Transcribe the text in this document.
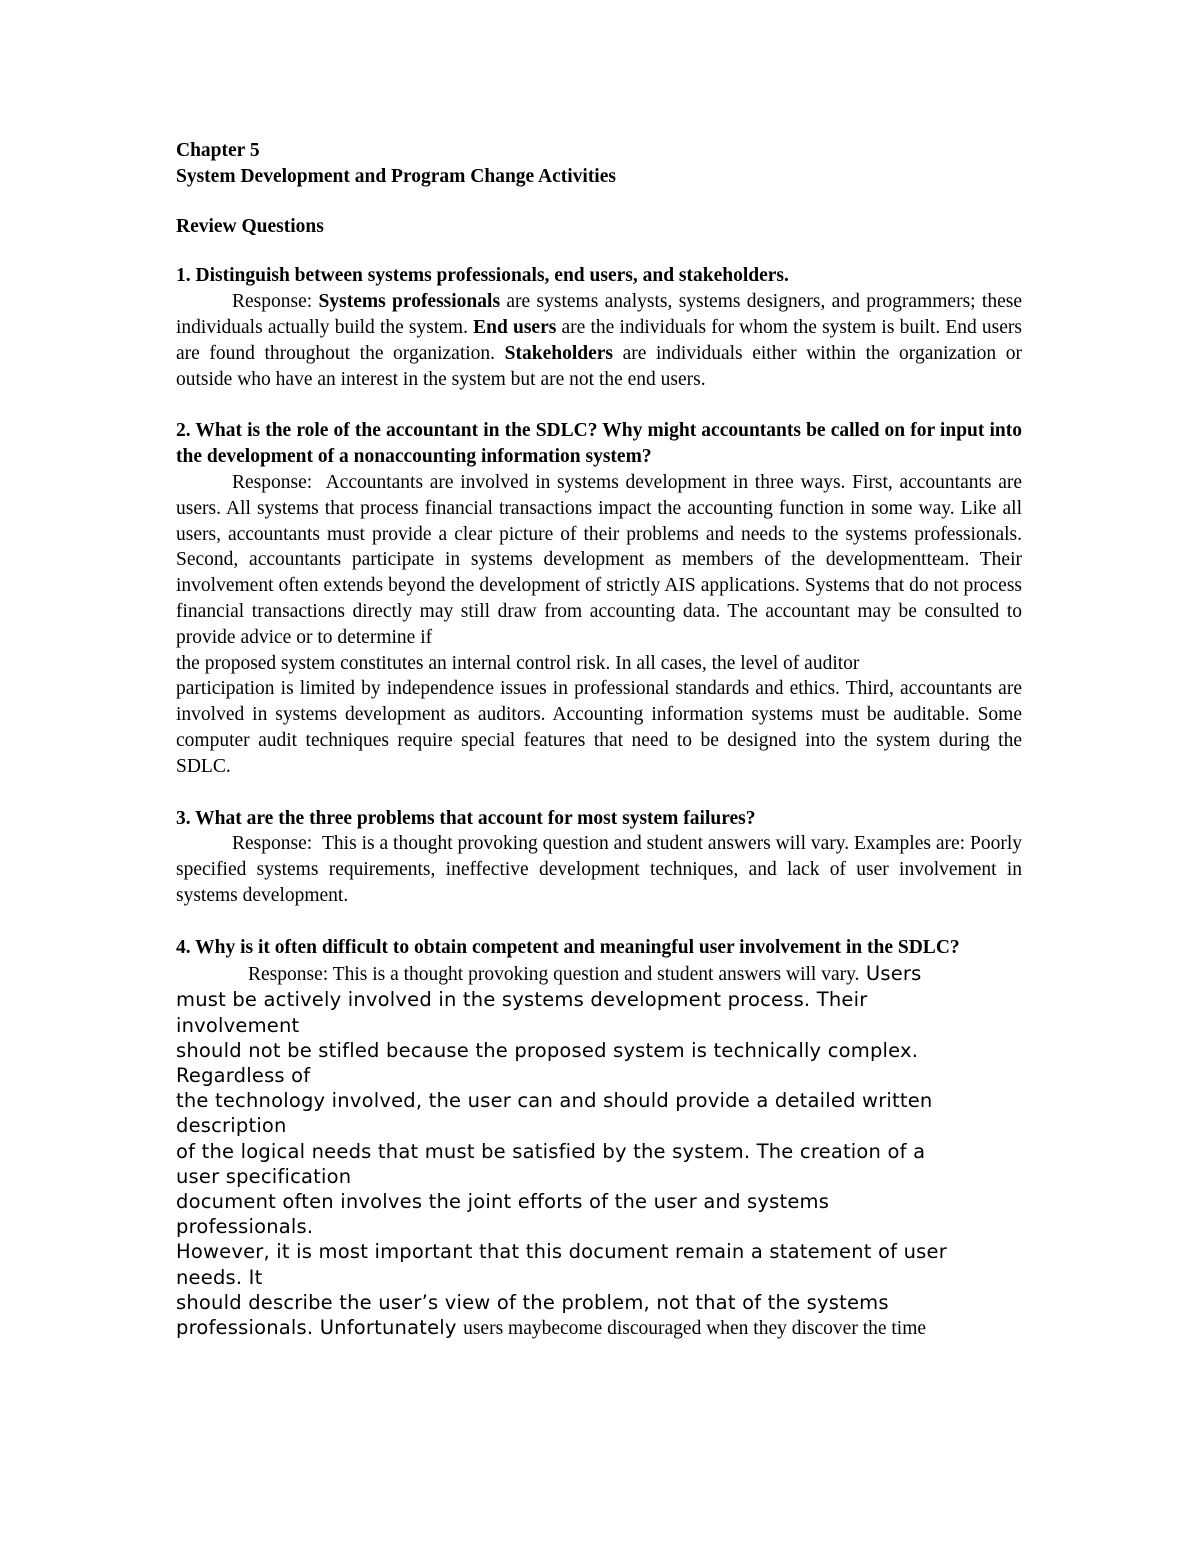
Chapter 5

System Development and Program Change Activities

Review Questions

1. Distinguish between systems professionals, end users, and stakeholders.

Response: Systems professionals are systems analysts, systems designers, and programmers; these individuals actually build the system. End users are the individuals for whom the system is built. End users are found throughout the organization. Stakeholders are individuals either within the organization or outside who have an interest in the system but are not the end users.

2. What is the role of the accountant in the SDLC? Why might accountants be called on for input into the development of a nonaccounting information system?

Response: Accountants are involved in systems development in three ways. First, accountants are users. All systems that process financial transactions impact the accounting function in some way. Like all users, accountants must provide a clear picture of their problems and needs to the systems professionals. Second, accountants participate in systems development as members of the developmentteam. Their involvement often extends beyond the development of strictly AIS applications. Systems that do not process financial transactions directly may still draw from accounting data. The accountant may be consulted to provide advice or to determine if

the proposed system constitutes an internal control risk. In all cases, the level of auditor

participation is limited by independence issues in professional standards and ethics. Third, accountants are involved in systems development as auditors. Accounting information systems must be auditable. Some computer audit techniques require special features that need to be designed into the system during the SDLC.

3. What are the three problems that account for most system failures?

Response: This is a thought provoking question and student answers will vary. Examples are: Poorly specified systems requirements, ineffective development techniques, and lack of user involvement in systems development.

4. Why is it often difficult to obtain competent and meaningful user involvement in the SDLC?

Response: This is a thought provoking question and student answers will vary. Users
must be actively involved in the systems development process. Their
involvement
should not be stifled because the proposed system is technically complex.
Regardless of
the technology involved, the user can and should provide a detailed written
description
of the logical needs that must be satisfied by the system. The creation of a
user specification
document often involves the joint efforts of the user and systems
professionals.
However, it is most important that this document remain a statement of user
needs. It
should describe the user’s view of the problem, not that of the systems
professionals. Unfortunately users maybecome discouraged when they discover the time
